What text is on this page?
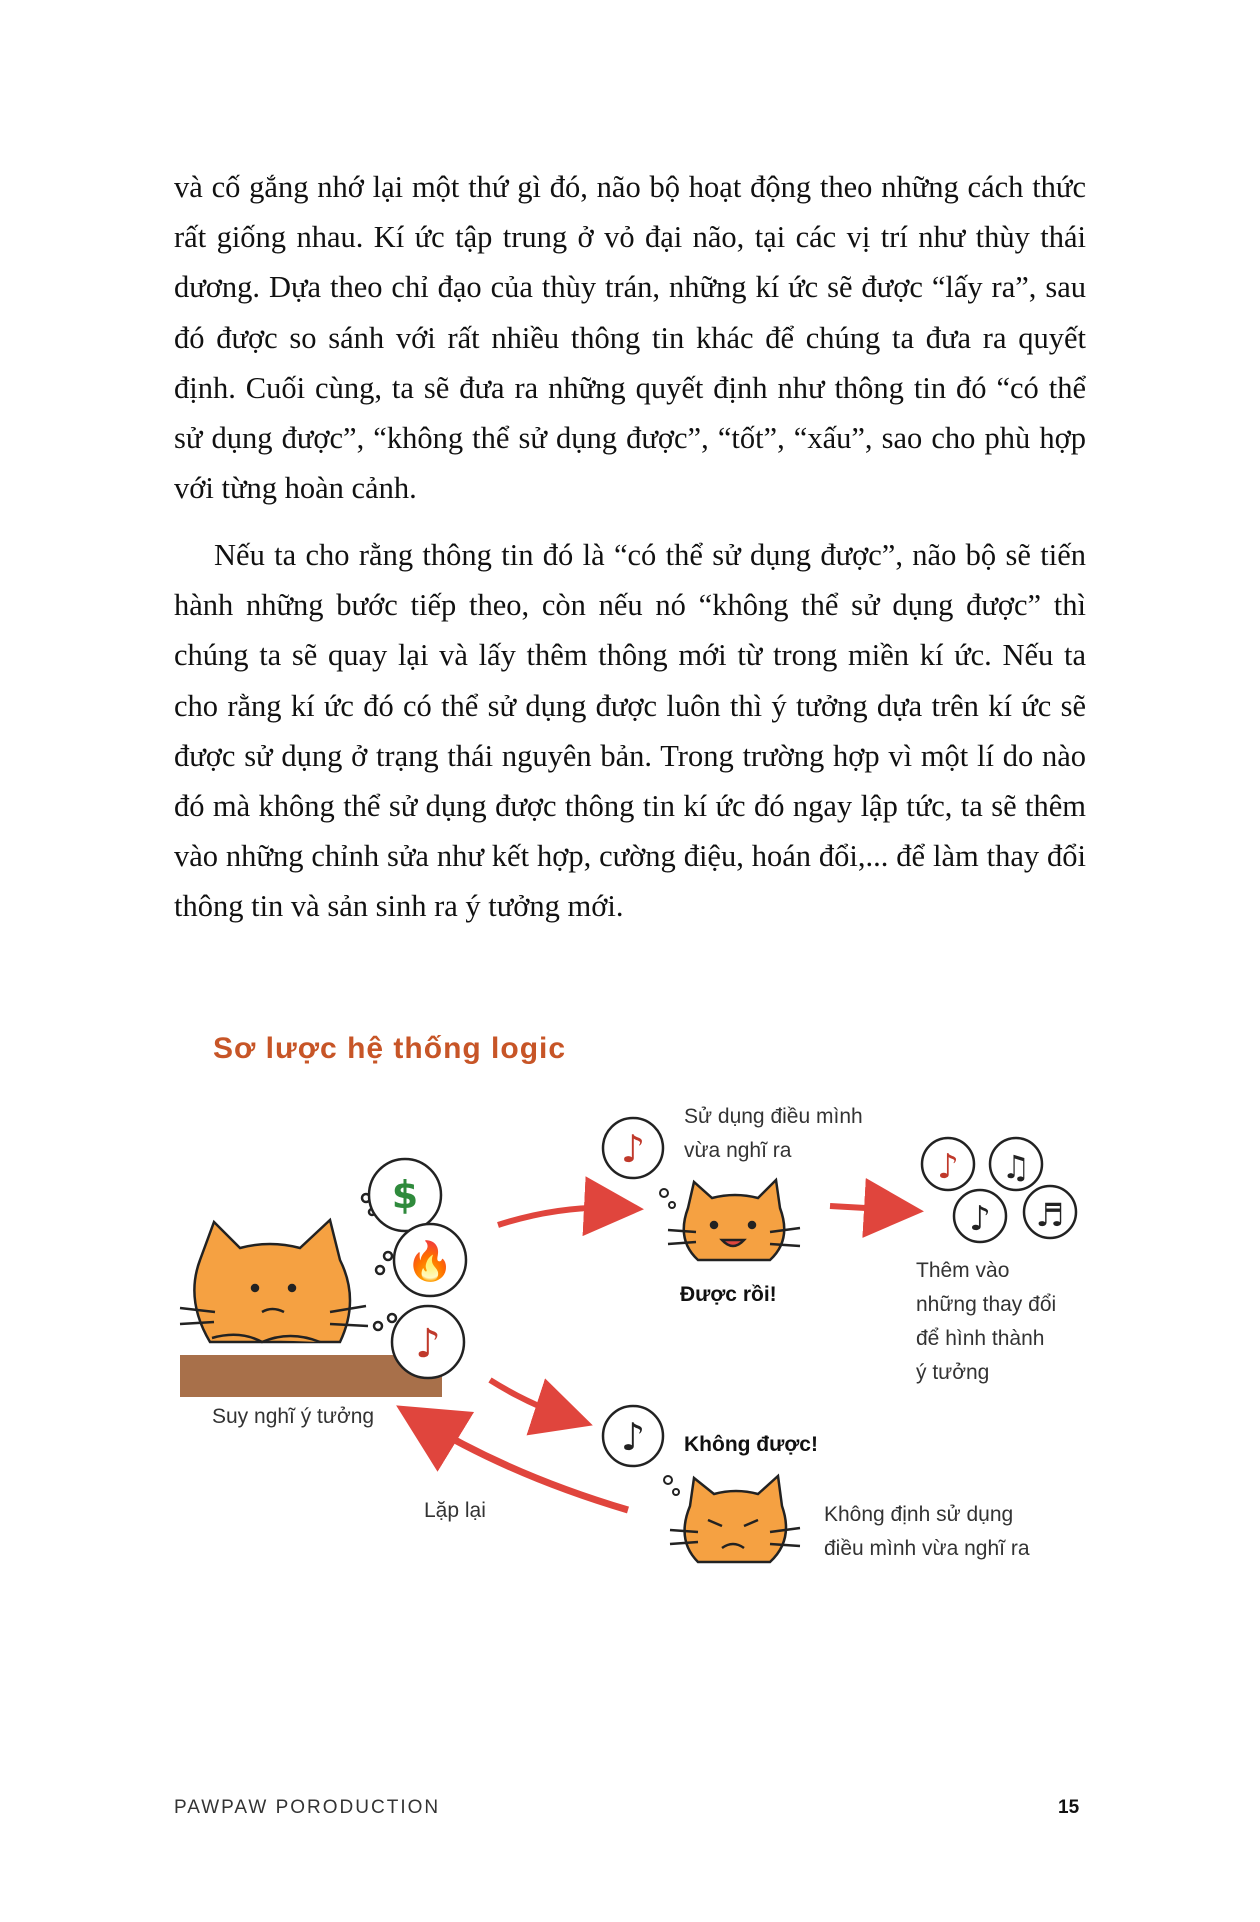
và cố gắng nhớ lại một thứ gì đó, não bộ hoạt động theo những cách thức rất giống nhau. Kí ức tập trung ở vỏ đại não, tại các vị trí như thùy thái dương. Dựa theo chỉ đạo của thùy trán, những kí ức sẽ được “lấy ra”, sau đó được so sánh với rất nhiều thông tin khác để chúng ta đưa ra quyết định. Cuối cùng, ta sẽ đưa ra những quyết định như thông tin đó “có thể sử dụng được”, “không thể sử dụng được”, “tốt”, “xấu”, sao cho phù hợp với từng hoàn cảnh.

Nếu ta cho rằng thông tin đó là “có thể sử dụng được”, não bộ sẽ tiến hành những bước tiếp theo, còn nếu nó “không thể sử dụng được” thì chúng ta sẽ quay lại và lấy thêm thông mới từ trong miền kí ức. Nếu ta cho rằng kí ức đó có thể sử dụng được luôn thì ý tưởng dựa trên kí ức sẽ được sử dụng ở trạng thái nguyên bản. Trong trường hợp vì một lí do nào đó mà không thể sử dụng được thông tin kí ức đó ngay lập tức, ta sẽ thêm vào những chỉnh sửa như kết hợp, cường điệu, hoán đổi,... để làm thay đổi thông tin và sản sinh ra ý tưởng mới.

Sơ lược hệ thống logic
$
🔥
♪
♪	♪ ♫
♪ ♬
♪
Suy nghĩ ý tưởng
Sử dụng điều mình
vừa nghĩ ra
Được rồi!
Thêm vào
những thay đổi
để hình thành
ý tưởng
Không được!
Không định sử dụng
điều mình vừa nghĩ ra
Lặp lại
PAWPAW PORODUCTION	15
